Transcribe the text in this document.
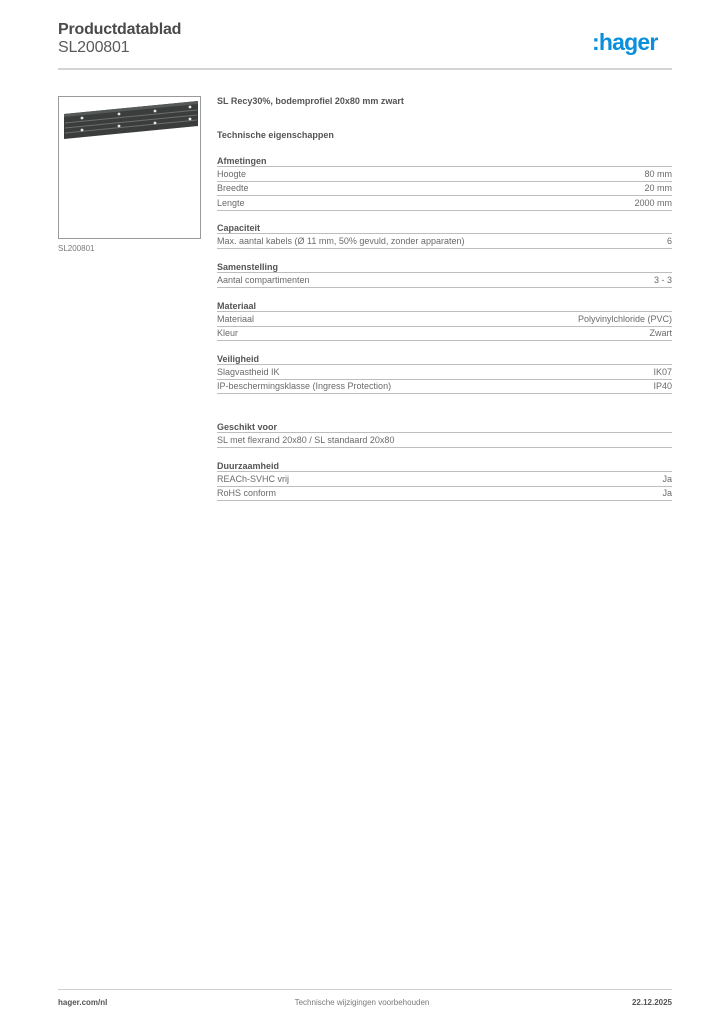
Productdatablad
SL200801	:hager
SL200801
SL Recy30%, bodemprofiel 20x80 mm zwart
Technische eigenschappen
Afmetingen
Hoogte	80 mm
Breedte	20 mm
Lengte	2000 mm
Capaciteit
Max. aantal kabels (Ø 11 mm, 50% gevuld, zonder apparaten)	6
Samenstelling
Aantal compartimenten	3 - 3
Materiaal
Materiaal	Polyvinylchloride (PVC)
Kleur	Zwart
Veiligheid
Slagvastheid IK	IK07
IP-beschermingsklasse (Ingress Protection)	IP40
Geschikt voor
SL met flexrand 20x80 / SL standaard 20x80
Duurzaamheid
REACh-SVHC vrij	Ja
RoHS conform	Ja
hager.com/nl	Technische wijzigingen voorbehouden	22.12.2025
